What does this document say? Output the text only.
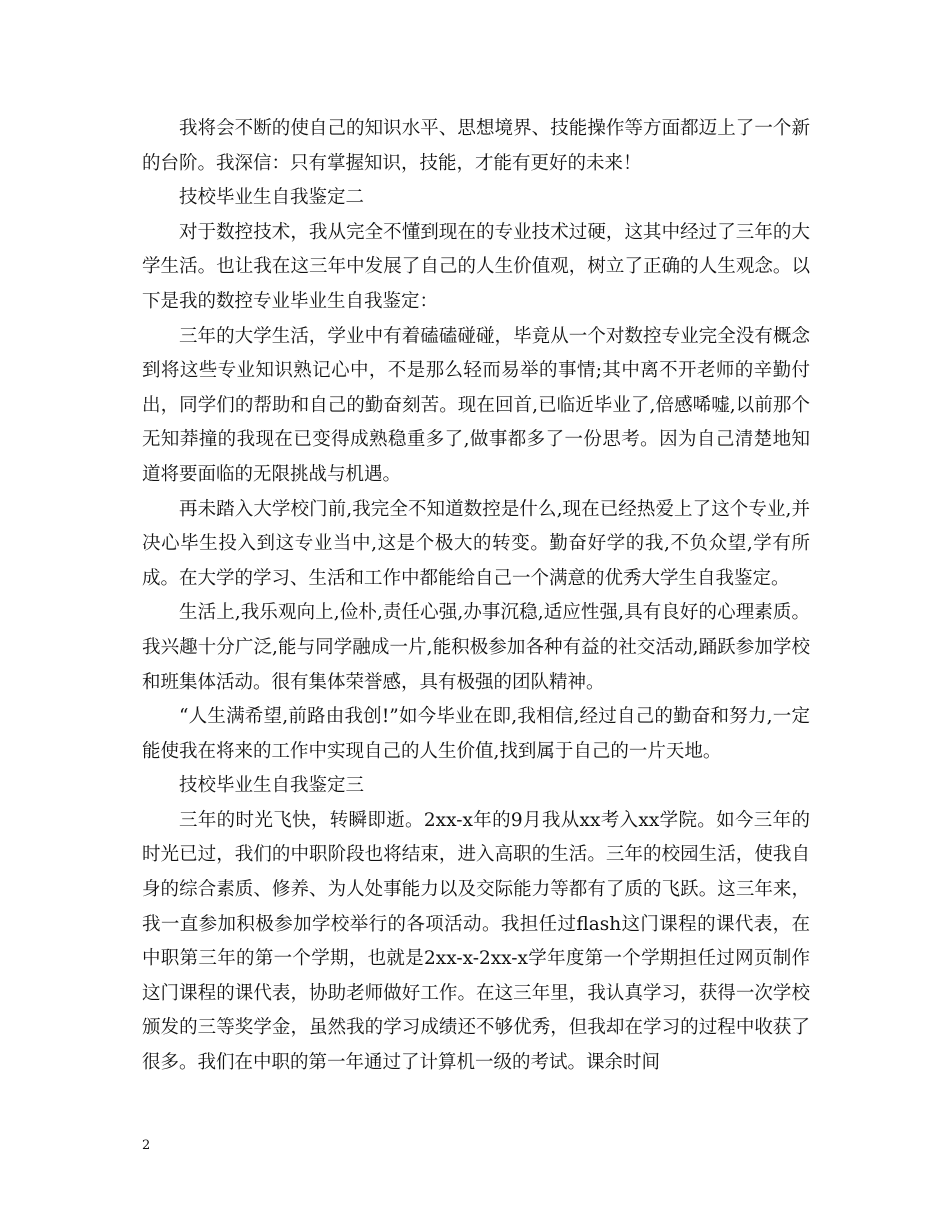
我将会不断的使自己的知识水平、思想境界、技能操作等方面都迈上了一个新的台阶。我深信：只有掌握知识，技能，才能有更好的未来！

技校毕业生自我鉴定二

对于数控技术，我从完全不懂到现在的专业技术过硬，这其中经过了三年的大学生活。也让我在这三年中发展了自己的人生价值观，树立了正确的人生观念。以下是我的数控专业毕业生自我鉴定：

三年的大学生活，学业中有着磕磕碰碰，毕竟从一个对数控专业完全没有概念到将这些专业知识熟记心中，不是那么轻而易举的事情;其中离不开老师的辛勤付出，同学们的帮助和自己的勤奋刻苦。现在回首,已临近毕业了,倍感唏嘘,以前那个无知莽撞的我现在已变得成熟稳重多了,做事都多了一份思考。因为自己清楚地知道将要面临的无限挑战与机遇。

再未踏入大学校门前,我完全不知道数控是什么,现在已经热爱上了这个专业,并决心毕生投入到这专业当中,这是个极大的转变。勤奋好学的我,不负众望,学有所成。在大学的学习、生活和工作中都能给自己一个满意的优秀大学生自我鉴定。

生活上,我乐观向上,俭朴,责任心强,办事沉稳,适应性强,具有良好的心理素质。我兴趣十分广泛,能与同学融成一片,能积极参加各种有益的社交活动,踊跃参加学校和班集体活动。很有集体荣誉感，具有极强的团队精神。

“人生满希望,前路由我创!”如今毕业在即,我相信,经过自己的勤奋和努力,一定能使我在将来的工作中实现自己的人生价值,找到属于自己的一片天地。

技校毕业生自我鉴定三

三年的时光飞快，转瞬即逝。2xx-x年的9月我从xx考入xx学院。如今三年的时光已过，我们的中职阶段也将结束，进入高职的生活。三年的校园生活，使我自身的综合素质、修养、为人处事能力以及交际能力等都有了质的飞跃。这三年来，我一直参加积极参加学校举行的各项活动。我担任过flash这门课程的课代表，在中职第三年的第一个学期，也就是2xx-x-2xx-x学年度第一个学期担任过网页制作这门课程的课代表，协助老师做好工作。在这三年里，我认真学习，获得一次学校颁发的三等奖学金，虽然我的学习成绩还不够优秀，但我却在学习的过程中收获了很多。我们在中职的第一年通过了计算机一级的考试。课余时间

2
